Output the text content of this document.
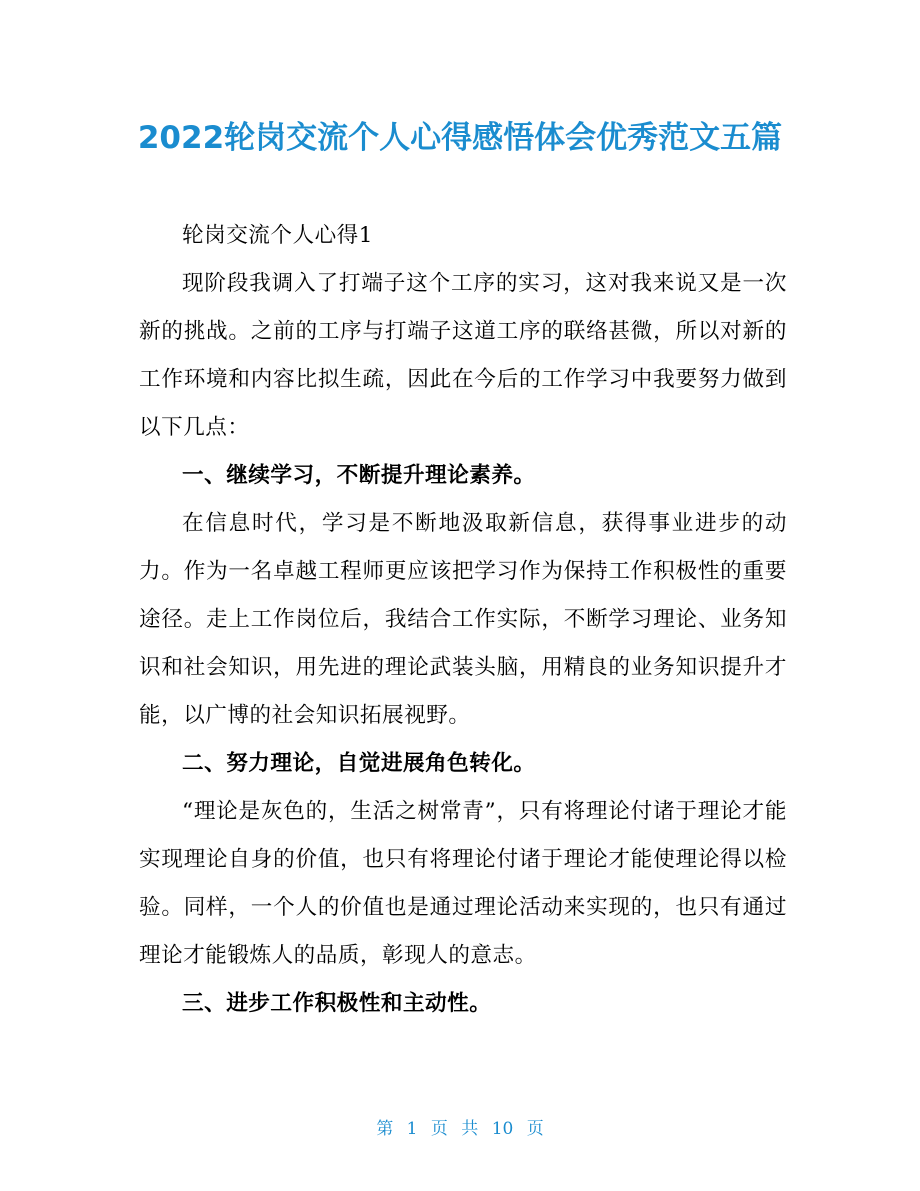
2022轮岗交流个人心得感悟体会优秀范文五篇

轮岗交流个人心得1

现阶段我调入了打端子这个工序的实习，这对我来说又是一次新的挑战。之前的工序与打端子这道工序的联络甚微，所以对新的工作环境和内容比拟生疏，因此在今后的工作学习中我要努力做到以下几点：

一、继续学习，不断提升理论素养。

在信息时代，学习是不断地汲取新信息，获得事业进步的动力。作为一名卓越工程师更应该把学习作为保持工作积极性的重要途径。走上工作岗位后，我结合工作实际，不断学习理论、业务知识和社会知识，用先进的理论武装头脑，用精良的业务知识提升才能，以广博的社会知识拓展视野。

二、努力理论，自觉进展角色转化。

“理论是灰色的，生活之树常青”，只有将理论付诸于理论才能实现理论自身的价值，也只有将理论付诸于理论才能使理论得以检验。同样，一个人的价值也是通过理论活动来实现的，也只有通过理论才能锻炼人的品质，彰现人的意志。

三、进步工作积极性和主动性。

第 1 页 共 10 页
